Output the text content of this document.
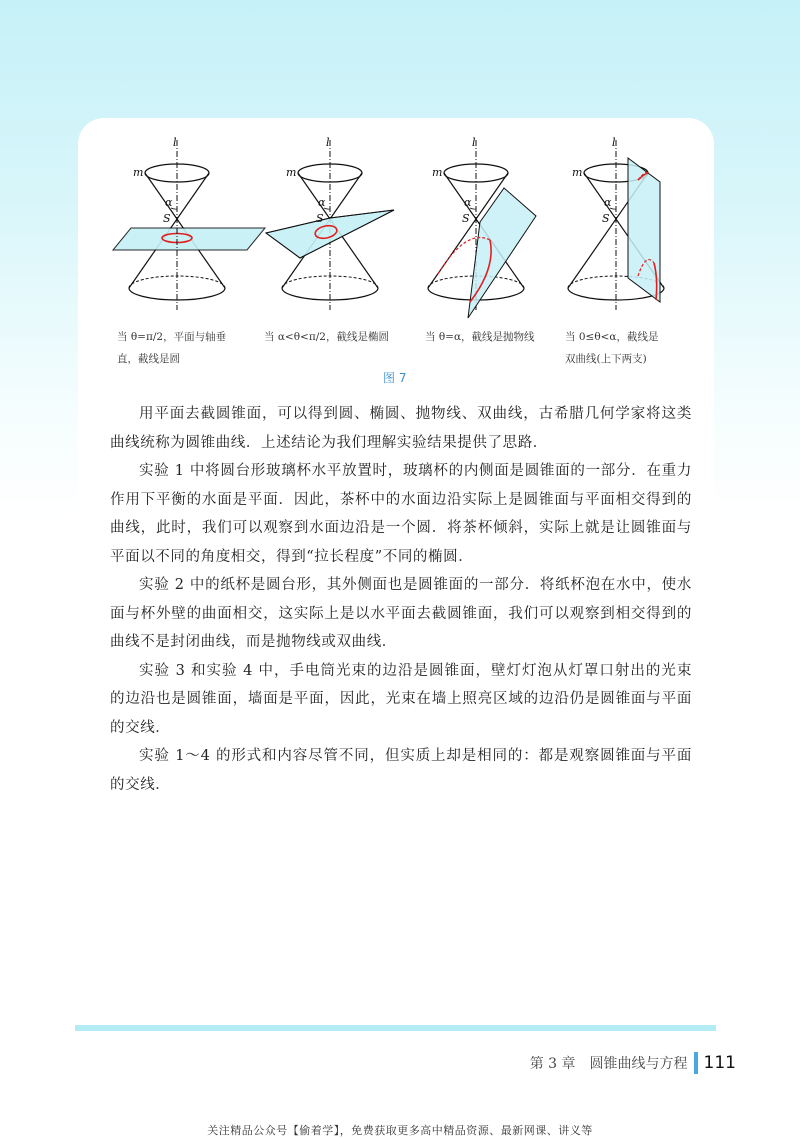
l
m
α
S
l
m
α
S
l
m
α
S
l
m
α
S
当 θ=π/2，平面与轴垂
直，截线是圆
当 α<θ<π/2，截线是椭圆	当 θ=α，截线是抛物线	当 0≤θ<α，截线是
双曲线(上下两支)
图 7

用平面去截圆锥面，可以得到圆、椭圆、抛物线、双曲线，古希腊几何学家将这类曲线统称为圆锥曲线．上述结论为我们理解实验结果提供了思路．

实验 1 中将圆台形玻璃杯水平放置时，玻璃杯的内侧面是圆锥面的一部分．在重力作用下平衡的水面是平面．因此，茶杯中的水面边沿实际上是圆锥面与平面相交得到的曲线，此时，我们可以观察到水面边沿是一个圆．将茶杯倾斜，实际上就是让圆锥面与平面以不同的角度相交，得到“拉长程度”不同的椭圆．

实验 2 中的纸杯是圆台形，其外侧面也是圆锥面的一部分．将纸杯泡在水中，使水面与杯外壁的曲面相交，这实际上是以水平面去截圆锥面，我们可以观察到相交得到的曲线不是封闭曲线，而是抛物线或双曲线．

实验 3 和实验 4 中，手电筒光束的边沿是圆锥面，壁灯灯泡从灯罩口射出的光束的边沿也是圆锥面，墙面是平面，因此，光束在墙上照亮区域的边沿仍是圆锥面与平面的交线．

实验 1～4 的形式和内容尽管不同，但实质上却是相同的：都是观察圆锥面与平面的交线．

第 3 章　圆锥曲线与方程 111
关注精品公众号【偷着学】，免费获取更多高中精品资源、最新网课、讲义等
